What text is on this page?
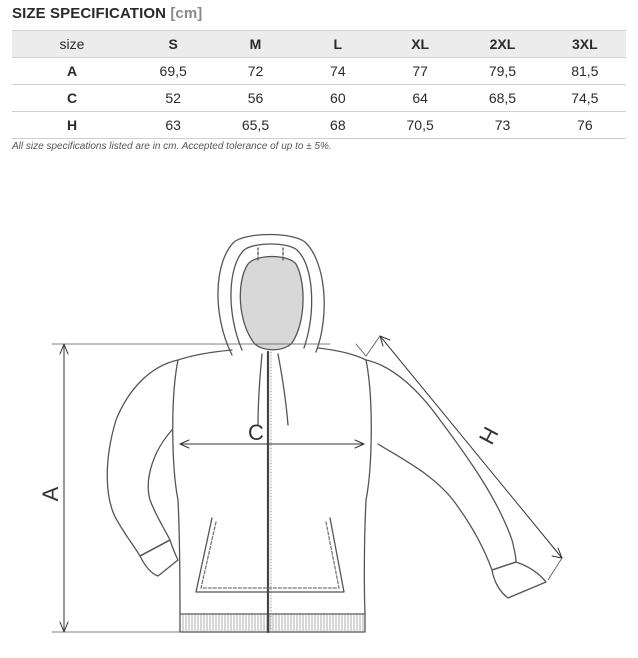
SIZE SPECIFICATION [cm]
size	S	M	L	XL	2XL	3XL
A	69,5	72	74	77	79,5	81,5
C	52	56	60	64	68,5	74,5
H	63	65,5	68	70,5	73	76
All size specifications listed are in cm. Accepted tolerance of up to ± 5%.
A
C	H
